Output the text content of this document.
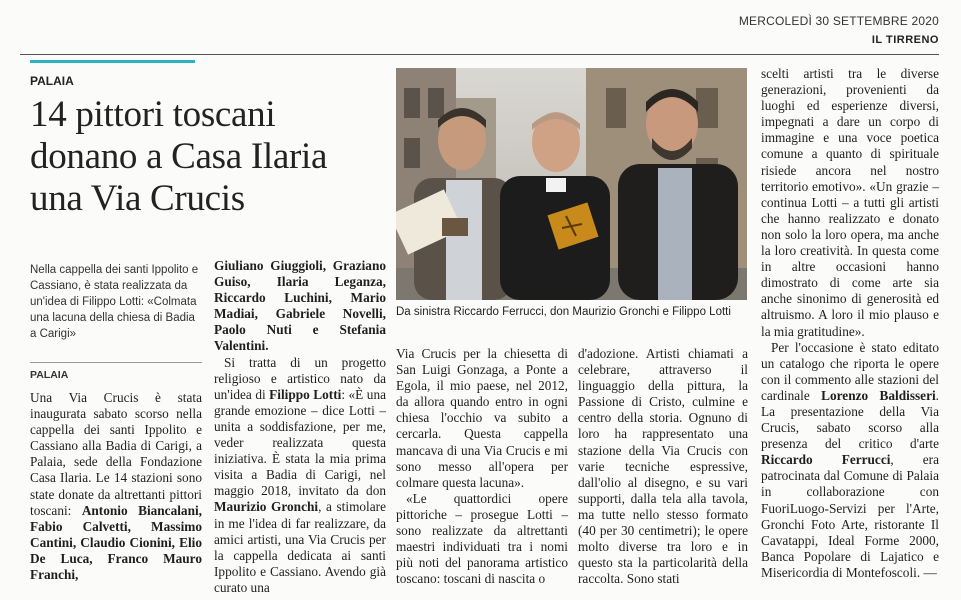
MERCOLEDÌ 30 SETTEMBRE 2020
IL TIRRENO
PALAIA
14 pittori toscani
donano a Casa Ilaria
una Via Crucis
Nella cappella dei santi Ippolito e Cassiano, è stata realizzata da un'idea di Filippo Lotti: «Colmata una lacuna della chiesa di Badia a Carigi»
PALAIA

Una Via Crucis è stata inaugurata sabato scorso nella cappella dei santi Ippolito e Cassiano alla Badia di Carigi, a Palaia, sede della Fondazione Casa Ilaria. Le 14 stazioni sono state donate da altrettanti pittori toscani: Antonio Biancalani, Fabio Calvetti, Massimo Cantini, Claudio Cionini, Elio De Luca, Franco Mauro Franchi,

Giuliano Giuggioli, Graziano Guiso, Ilaria Leganza, Riccardo Luchini, Mario Madiai, Gabriele Novelli, Paolo Nuti e Stefania Valentini.

Si tratta di un progetto religioso e artistico nato da un'idea di Filippo Lotti: «È una grande emozione – dice Lotti – unita a soddisfazione, per me, veder realizzata questa iniziativa. È stata la mia prima visita a Badia di Carigi, nel maggio 2018, invitato da don Maurizio Gronchi, a stimolare in me l'idea di far realizzare, da amici artisti, una Via Crucis per la cappella dedicata ai santi Ippolito e Cassiano. Avendo già curato una

Da sinistra Riccardo Ferrucci, don Maurizio Gronchi e Filippo Lotti

Via Crucis per la chiesetta di San Luigi Gonzaga, a Ponte a Egola, il mio paese, nel 2012, da allora quando entro in ogni chiesa l'occhio va subito a cercarla. Questa cappella mancava di una Via Crucis e mi sono messo all'opera per colmare questa lacuna».

«Le quattordici opere pittoriche – prosegue Lotti – sono realizzate da altrettanti maestri individuati tra i nomi più noti del panorama artistico toscano: toscani di nascita o

d'adozione. Artisti chiamati a celebrare, attraverso il linguaggio della pittura, la Passione di Cristo, culmine e centro della storia. Ognuno di loro ha rappresentato una stazione della Via Crucis con varie tecniche espressive, dall'olio al disegno, e su vari supporti, dalla tela alla tavola, ma tutte nello stesso formato (40 per 30 centimetri); le opere molto diverse tra loro e in questo sta la particolarità della raccolta. Sono stati

scelti artisti tra le diverse generazioni, provenienti da luoghi ed esperienze diversi, impegnati a dare un corpo di immagine e una voce poetica comune a quanto di spirituale risiede ancora nel nostro territorio emotivo». «Un grazie – continua Lotti – a tutti gli artisti che hanno realizzato e donato non solo la loro opera, ma anche la loro creatività. In questa come in altre occasioni hanno dimostrato di come arte sia anche sinonimo di generosità ed altruismo. A loro il mio plauso e la mia gratitudine».

Per l'occasione è stato editato un catalogo che riporta le opere con il commento alle stazioni del cardinale Lorenzo Baldisseri. La presentazione della Via Crucis, sabato scorso alla presenza del critico d'arte Riccardo Ferrucci, era patrocinata dal Comune di Palaia in collaborazione con FuoriLuogo-Servizi per l'Arte, Gronchi Foto Arte, ristorante Il Cavatappi, Ideal Forme 2000, Banca Popolare di Lajatico e Misericordia di Montefoscoli. —
